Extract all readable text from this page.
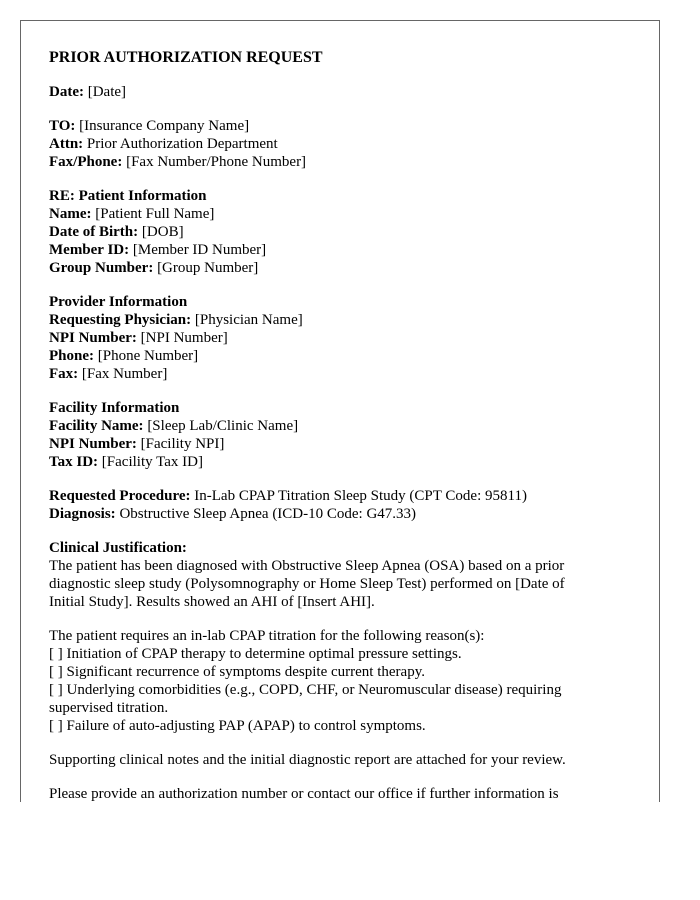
PRIOR AUTHORIZATION REQUEST
Date: [Date]
TO: [Insurance Company Name]
Attn: Prior Authorization Department
Fax/Phone: [Fax Number/Phone Number]
RE: Patient Information
Name: [Patient Full Name]
Date of Birth: [DOB]
Member ID: [Member ID Number]
Group Number: [Group Number]
Provider Information
Requesting Physician: [Physician Name]
NPI Number: [NPI Number]
Phone: [Phone Number]
Fax: [Fax Number]
Facility Information
Facility Name: [Sleep Lab/Clinic Name]
NPI Number: [Facility NPI]
Tax ID: [Facility Tax ID]
Requested Procedure: In-Lab CPAP Titration Sleep Study (CPT Code: 95811)
Diagnosis: Obstructive Sleep Apnea (ICD-10 Code: G47.33)
Clinical Justification:
The patient has been diagnosed with Obstructive Sleep Apnea (OSA) based on a prior
diagnostic sleep study (Polysomnography or Home Sleep Test) performed on [Date of
Initial Study]. Results showed an AHI of [Insert AHI].
The patient requires an in-lab CPAP titration for the following reason(s):
[ ] Initiation of CPAP therapy to determine optimal pressure settings.
[ ] Significant recurrence of symptoms despite current therapy.
[ ] Underlying comorbidities (e.g., COPD, CHF, or Neuromuscular disease) requiring
supervised titration.
[ ] Failure of auto-adjusting PAP (APAP) to control symptoms.
Supporting clinical notes and the initial diagnostic report are attached for your review.
Please provide an authorization number or contact our office if further information is
